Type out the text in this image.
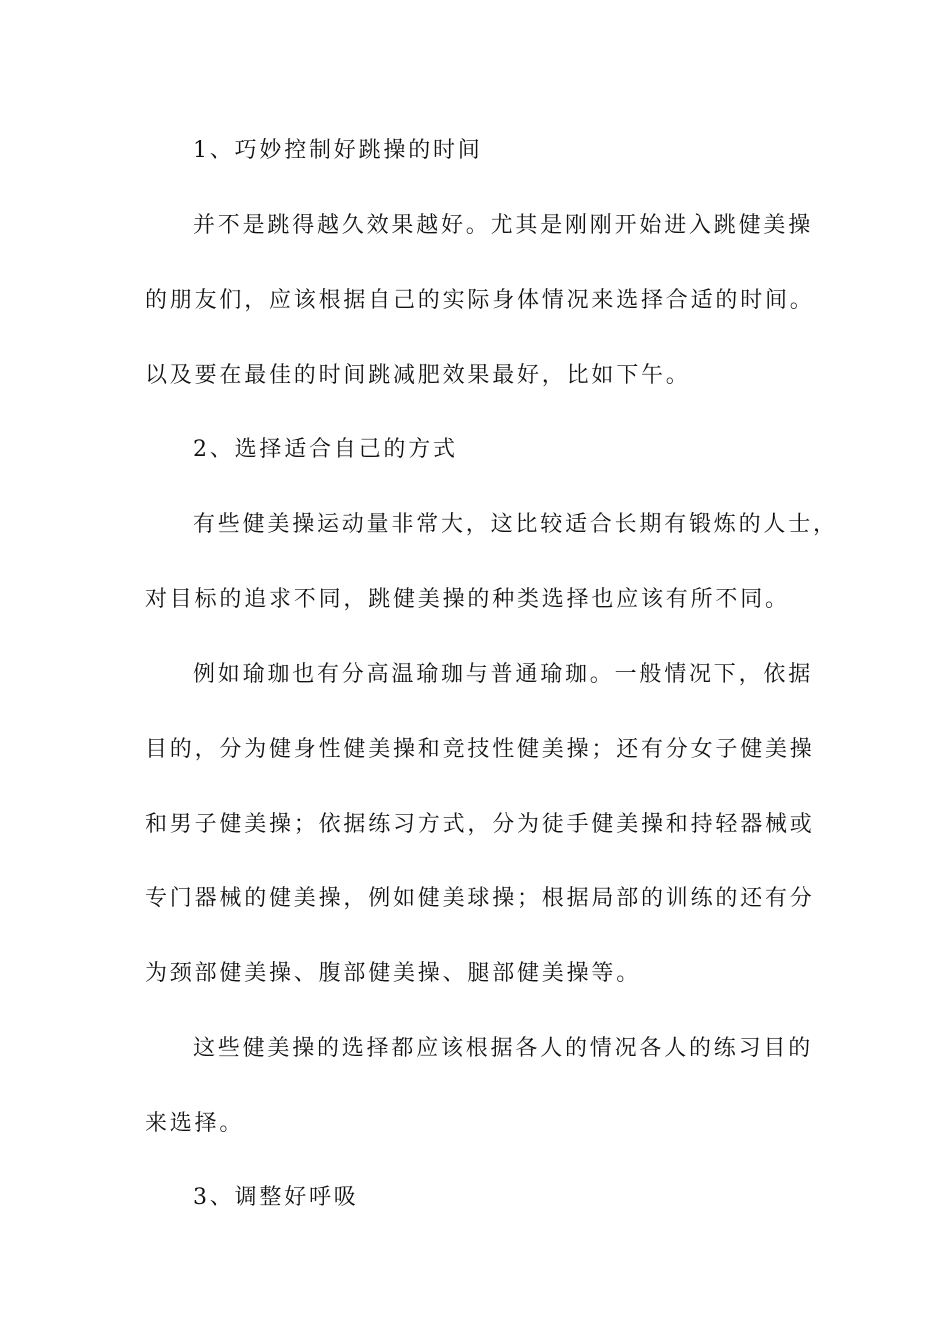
1、巧妙控制好跳操的时间
并不是跳得越久效果越好。尤其是刚刚开始进入跳健美操
的朋友们，应该根据自己的实际身体情况来选择合适的时间。
以及要在最佳的时间跳减肥效果最好，比如下午。
2、选择适合自己的方式
有些健美操运动量非常大，这比较适合长期有锻炼的人士，
对目标的追求不同，跳健美操的种类选择也应该有所不同。
例如瑜珈也有分高温瑜珈与普通瑜珈。一般情况下，依据
目的，分为健身性健美操和竞技性健美操；还有分女子健美操
和男子健美操；依据练习方式，分为徒手健美操和持轻器械或
专门器械的健美操，例如健美球操；根据局部的训练的还有分
为颈部健美操、腹部健美操、腿部健美操等。
这些健美操的选择都应该根据各人的情况各人的练习目的
来选择。
3、调整好呼吸
